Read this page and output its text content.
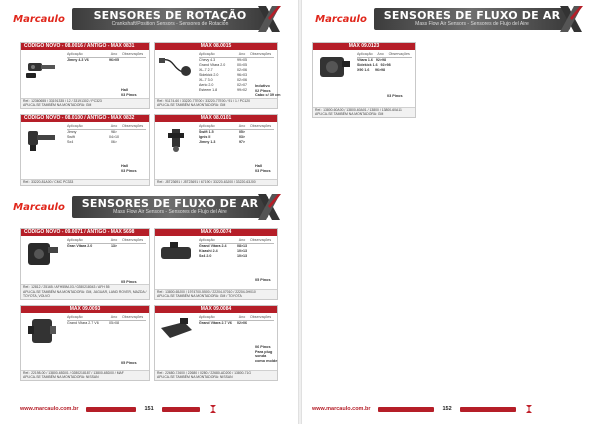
Marcaulo	SENSORES DE ROTAÇÃO
Crankshaft/Position Sensors - Sensores de Rotación
CÓDIGO NOVO - 08.0016 / ANTIGO - MAX 0831
Aplicação	Ano	Observações
Jimny 4.3 V6	96>05
Hall
03 Pinos
Ref.: 12360655 / 33191335 / 12 / 33191302 / PC323
APLICA-SE TAMBÉM NA MONTADORA: GM
MAX 08.0015
Aplicação	Ano	Observações
Chevy 4.3	99>05
Grand Vitara 2.0	00>05
XL-7 2.7	02>06
Sidekick 2.0	96>03
XL-7 3.0	02>06
Aerio 2.0	02>07
Esteem 1.8	99>02
Indutivo
02 Pinos
Cabo c/ 39 cm
Ref.: 91174-60 / 33220-77E00 / 33220-77E00 / 91 / 1 / PC120
APLICA-SE TAMBÉM NA MONTADORA: GM
CÓDIGO NOVO - 08.0100 / ANTIGO - MAX 0832
Aplicação	Ano	Observações
Jimny	98>
Swift	04>10
Sx4	06>
Hall
03 Pinos
Ref.: 33220-81A00 / CMC PC333
MAX 08.0101
Aplicação	Ano	Observações
Swift 1.5	05>
Ignis II	03>
Jimny 1.3	97>
Hall
03 Pinos
Ref.: J5T23691 / J5T23691 / 67190 / 33220-63J00 / 33220-63J00
Marcaulo	SENSORES DE FLUXO DE AR
Mass Flow Air Sensors - Sensores de Flujo del Aire
CÓDIGO NOVO - 09.0071 / ANTIGO - MAX 5698
Aplicação	Ano	Observações
Gran Vitara 2.0	13>
05 Pinos
Ref.: 12812 / 25165 / AFH55M-03 / 0280218043 / AFH 55
APLICA-SE TAMBÉM NA MONTADORA: GM, JAGUAR, LAND ROVER, MAZDA / TOYOTA, VOLVO
MAX 09.0093
Aplicação	Ano	Observações
Grand Vitara 2.7 V6	05>08
05 Pinos
Ref.: 22198-00 / 13800-65D01 / 0280218187 / 13800-65D00 / MAF
APLICA-SE TAMBÉM NA MONTADORA: NISSAN
MAX 09.0074
Aplicação	Ano	Observações
Grand Vitara 2.4	08>13
Kizashi 2.4	10>13
Sx4 2.0	10>13
05 Pinos
Ref.: 13800-65J00 / 1974700-5500 / 22204-07010 / 22204-0H010
APLICA-SE TAMBÉM NA MONTADORA: GM / TOYOTA
MAX 09.0084
Aplicação	Ano	Observações
Grand Vitara 2.7 V6	02>06
06 Pinos
Para plug
sonda
como molde
Ref.: 22680-7J600 / 22680 / 0280 / 22680-AD200 / 13800-71G
APLICA-SE TAMBÉM NA MONTADORA: NISSAN
www.marcaulo.com.br	151
Marcaulo	SENSORES DE FLUXO DE AR
Mass Flow Air Sensors - Sensores de Flujo del Aire
MAX 09.0123
Aplicação	Ano	Observações
Vitara 1.6 92>98
Sidekick 1.6 92>98
X90 1.6	96>98
03 Pinos
Ref.: 13800-60A00 / 13800-60A01 / 13800 / 13800-60A11
APLICA-SE TAMBÉM NA MONTADORA: GM
www.marcaulo.com.br	152
